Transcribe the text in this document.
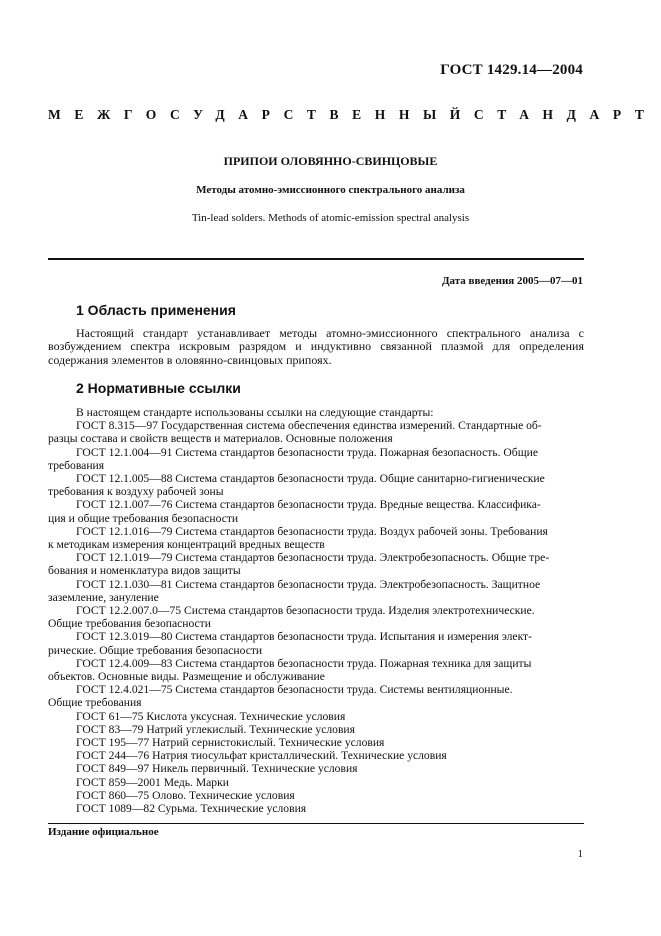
ГОСТ 1429.14—2004
МЕЖГОСУДАРСТВЕННЫЙ СТАНДАРТ
ПРИПОИ ОЛОВЯННО-СВИНЦОВЫЕ
Методы атомно-эмиссионного спектрального анализа
Tin-lead solders. Methods of atomic-emission spectral analysis
Дата введения 2005—07—01
1 Область применения
Настоящий стандарт устанавливает методы атомно-эмиссионного спектрального анализа с возбуждением спектра искровым разрядом и индуктивно связанной плазмой для определения содержания элементов в оловянно-свинцовых припоях.
2 Нормативные ссылки
В настоящем стандарте использованы ссылки на следующие стандарты:
ГОСТ 8.315—97 Государственная система обеспечения единства измерений. Стандартные об-
разцы состава и свойств веществ и материалов. Основные положения
ГОСТ 12.1.004—91 Система стандартов безопасности труда. Пожарная безопасность. Общие
требования
ГОСТ 12.1.005—88 Система стандартов безопасности труда. Общие санитарно-гигиенические
требования к воздуху рабочей зоны
ГОСТ 12.1.007—76 Система стандартов безопасности труда. Вредные вещества. Классифика-
ция и общие требования безопасности
ГОСТ 12.1.016—79 Система стандартов безопасности труда. Воздух рабочей зоны. Требования
к методикам измерения концентраций вредных веществ
ГОСТ 12.1.019—79 Система стандартов безопасности труда. Электробезопасность. Общие тре-
бования и номенклатура видов защиты
ГОСТ 12.1.030—81 Система стандартов безопасности труда. Электробезопасность. Защитное
заземление, зануление
ГОСТ 12.2.007.0—75 Система стандартов безопасности труда. Изделия электротехнические.
Общие требования безопасности
ГОСТ 12.3.019—80 Система стандартов безопасности труда. Испытания и измерения элект-
рические. Общие требования безопасности
ГОСТ 12.4.009—83 Система стандартов безопасности труда. Пожарная техника для защиты
объектов. Основные виды. Размещение и обслуживание
ГОСТ 12.4.021—75 Система стандартов безопасности труда. Системы вентиляционные.
Общие требования
ГОСТ 61—75 Кислота уксусная. Технические условия
ГОСТ 83—79 Натрий углекислый. Технические условия
ГОСТ 195—77 Натрий сернистокислый. Технические условия
ГОСТ 244—76 Натрия тиосульфат кристаллический. Технические условия
ГОСТ 849—97 Никель первичный. Технические условия
ГОСТ 859—2001 Медь. Марки
ГОСТ 860—75 Олово. Технические условия
ГОСТ 1089—82 Сурьма. Технические условия
Издание официальное
1
